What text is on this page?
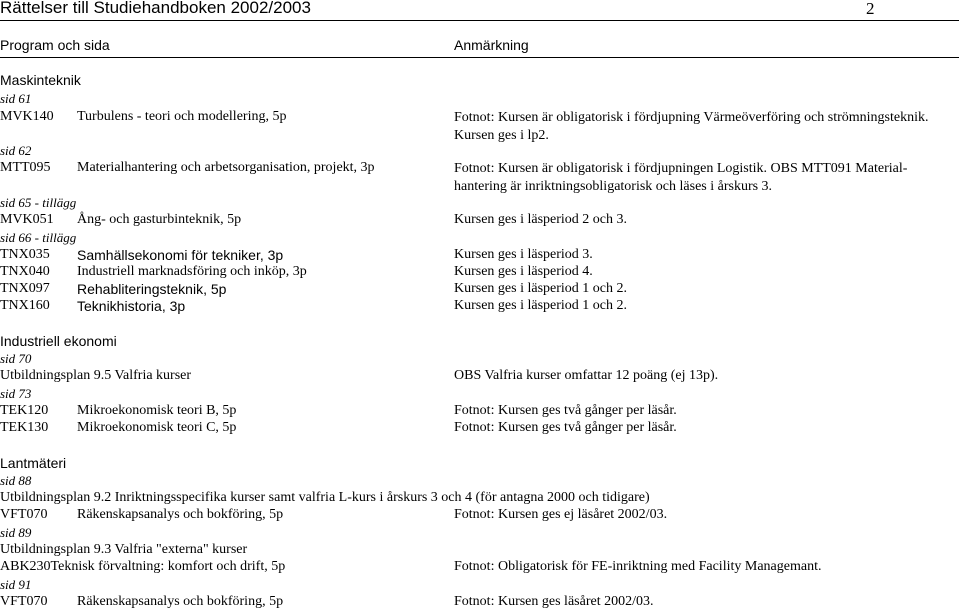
Rättelser till Studiehandboken 2002/2003	2
Program och sida	Anmärkning
Maskinteknik
sid 61
MVK140 Turbulens - teori och modellering, 5p	Fotnot: Kursen är obligatorisk i fördjupning Värmeöverföring och strömningsteknik. Kursen ges i lp2.
sid 62
MTT095 Materialhantering och arbetsorganisation, projekt, 3p	Fotnot: Kursen är obligatorisk i fördjupningen Logistik. OBS MTT091 Material-hantering är inriktningsobligatorisk och läses i årskurs 3.
sid 65 - tillägg
MVK051 Ång- och gasturbinteknik, 5p	Kursen ges i läsperiod 2 och 3.
sid 66 - tillägg
TNX035 Samhällsekonomi för tekniker, 3p	Kursen ges i läsperiod 3.
TNX040 Industriell marknadsföring och inköp, 3p	Kursen ges i läsperiod 4.
TNX097 Rehabliteringsteknik, 5p	Kursen ges i läsperiod 1 och 2.
TNX160 Teknikhistoria, 3p	Kursen ges i läsperiod 1 och 2.
Industriell ekonomi
sid 70
Utbildningsplan 9.5 Valfria kurser	OBS Valfria kurser omfattar 12 poäng (ej 13p).
sid 73
TEK120 Mikroekonomisk teori B, 5p	Fotnot: Kursen ges två gånger per läsår.
TEK130 Mikroekonomisk teori C, 5p	Fotnot: Kursen ges två gånger per läsår.
Lantmäteri
sid 88
Utbildningsplan 9.2 Inriktningsspecifika kurser samt valfria L-kurs i årskurs 3 och 4 (för antagna 2000 och tidigare)
VFT070 Räkenskapsanalys och bokföring, 5p	Fotnot: Kursen ges ej läsåret 2002/03.
sid 89
Utbildningsplan 9.3 Valfria "externa" kurser
ABK230Teknisk förvaltning: komfort och drift, 5p	Fotnot: Obligatorisk för FE-inriktning med Facility Managemant.
sid 91
VFT070 Räkenskapsanalys och bokföring, 5p	Fotnot: Kursen ges läsåret 2002/03.
